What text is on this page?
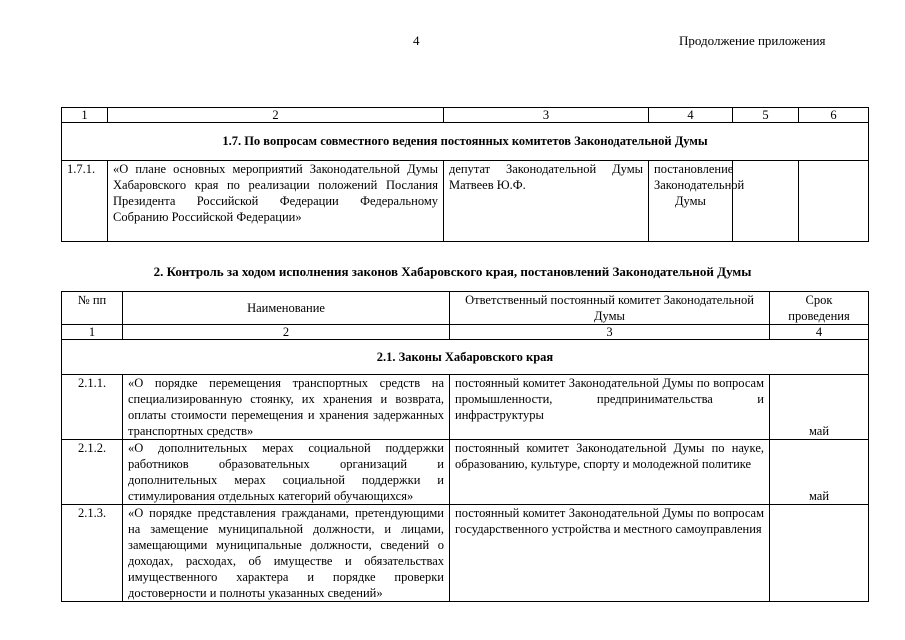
4	Продолжение приложения
1	2	3	4	5	6
1.7. По вопросам совместного ведения постоянных комитетов Законодательной Думы					
1.7.1.	«О плане основных мероприятий Законодательной Думы Хабаровского края по реализации положений Послания Президента Российской Федерации Федеральному Собранию Российской Федерации»	депутат Законодательной Думы Матвеев Ю.Ф.	постановление Законодательной Думы		
2. Контроль за ходом исполнения законов Хабаровского края, постановлений Законодательной Думы
№ пп	Наименование	Ответственный постоянный комитет Законодательной Думы	Срок проведения
1	2	3	4
2.1. Законы Хабаровского края			
2.1.1.	«О порядке перемещения транспортных средств на специализированную стоянку, их хранения и возврата, оплаты стоимости перемещения и хранения задержанных транспортных средств»	постоянный комитет Законодательной Думы по вопросам промышленности, предпринимательства и инфраструктуры	май
2.1.2.	«О дополнительных мерах социальной поддержки работников образовательных организаций и дополнительных мерах социальной поддержки и стимулирования отдельных категорий обучающихся»	постоянный комитет Законодательной Думы по науке, образованию, культуре, спорту и молодежной политике	май
2.1.3.	«О порядке представления гражданами, претендующими на замещение муниципальной должности, и лицами, замещающими муниципальные должности, сведений о доходах, расходах, об имуществе и обязательствах имущественного характера и порядке проверки достоверности и полноты указанных сведений»	постоянный комитет Законодательной Думы по вопросам государственного устройства и местного самоуправления	
